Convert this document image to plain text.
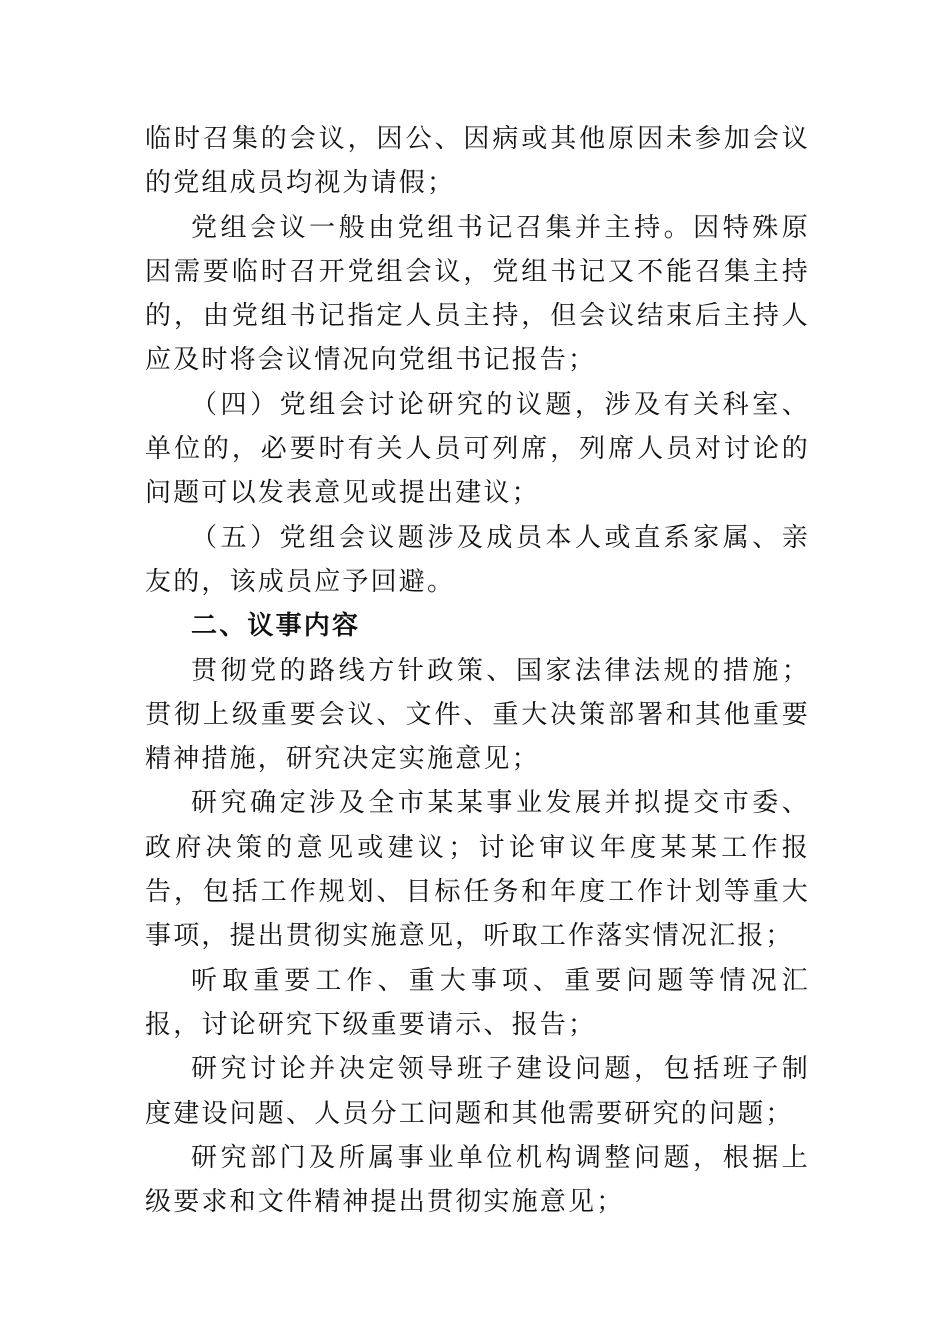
临时召集的会议，因公、因病或其他原因未参加会议的党组成员均视为请假；

党组会议一般由党组书记召集并主持。因特殊原因需要临时召开党组会议，党组书记又不能召集主持的，由党组书记指定人员主持，但会议结束后主持人应及时将会议情况向党组书记报告；

（四）党组会讨论研究的议题，涉及有关科室、单位的，必要时有关人员可列席，列席人员对讨论的问题可以发表意见或提出建议；

（五）党组会议题涉及成员本人或直系家属、亲友的，该成员应予回避。

二、议事内容

贯彻党的路线方针政策、国家法律法规的措施；贯彻上级重要会议、文件、重大决策部署和其他重要精神措施，研究决定实施意见；

研究确定涉及全市某某事业发展并拟提交市委、政府决策的意见或建议；讨论审议年度某某工作报告，包括工作规划、目标任务和年度工作计划等重大事项，提出贯彻实施意见，听取工作落实情况汇报；

听取重要工作、重大事项、重要问题等情况汇报，讨论研究下级重要请示、报告；

研究讨论并决定领导班子建设问题，包括班子制度建设问题、人员分工问题和其他需要研究的问题；

研究部门及所属事业单位机构调整问题，根据上级要求和文件精神提出贯彻实施意见；
